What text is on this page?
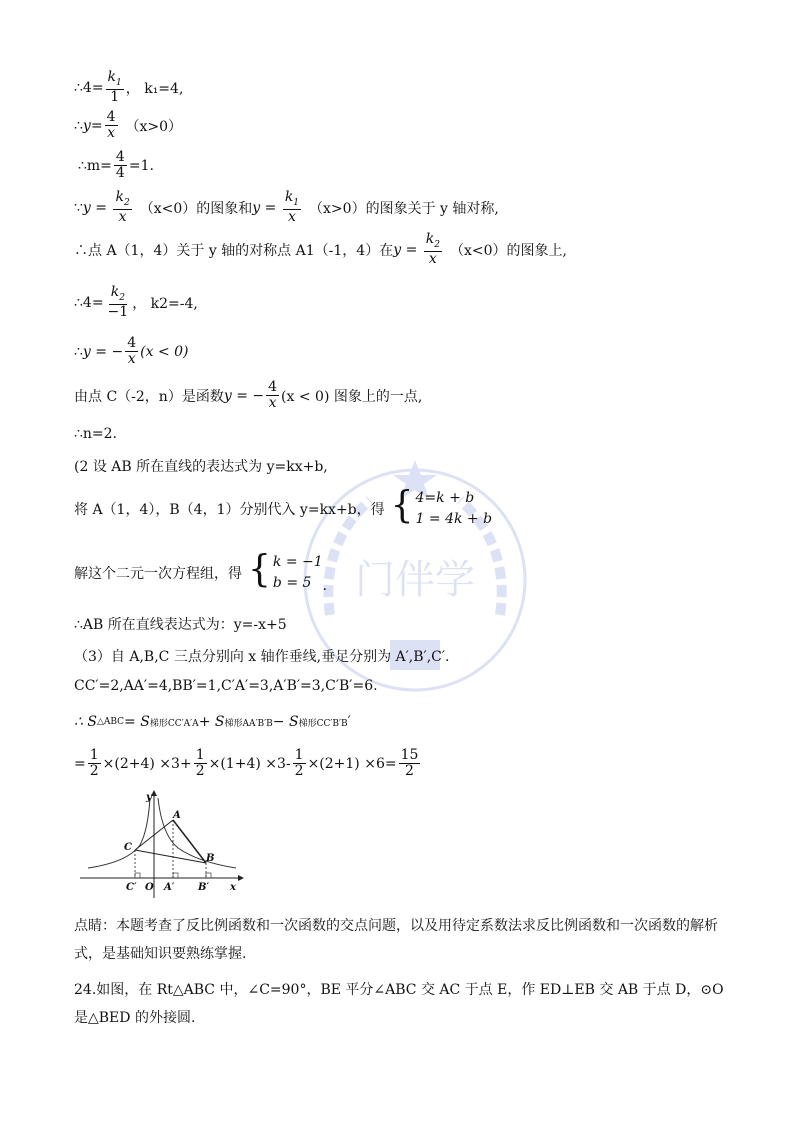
门伴学
∴4= $\frac{k_1}{1}$ ， k₁=4,
∴ $y = \frac{4}{x} (x>0)$
∴m= $\frac{4}{4} =1$.
∵ $y = \frac{k_2}{x} (x<0)$的图象和 $y = \frac{k_1}{x} (x>0)$的图象关于 y 轴对称,
∴点 A（1，4）关于 y 轴的对称点 A1（-1，4）在 $y = \frac{k_2}{x} (x<0)$的图象上,
∴4= $\frac{k_2}{-1}$ ， k2=-4,
∴ y = − $\frac{4}{x} (x < 0)$
由点 C（-2，n）是函数 y = − $\frac{4}{x} (x < 0)$ 图象上的一点,
∴n=2.
(2 设 AB 所在直线的表达式为 y=kx+b,
将 A（1，4），B（4，1）分别代入 y=kx+b，得 { 4=k + b
1 = 4k + b
解这个二元一次方程组，得 { k = −1
b = 5 .
∴AB 所在直线表达式为：y=-x+5
（3）自 A,B,C 三点分别向 x 轴作垂线,垂足分别为 A′,B′,C′.
CC′=2,AA′=4,BB′=1,C′A′=3,A′B′=3,C′B′=6.
∴ S △ABC = S 梯形CC′A′A + S 梯形AA′B′B − S 梯形CC′B′B ′
= $\frac{1}{2} \times(2+4) \times 3+ \frac{1}{2} \times(1+4) \times 3- \frac{1}{2} \times(2+1) \times 6= \frac{15}{2}$
y
x
A
B
C
C′ O A′ B′
点睛：本题考查了反比例函数和一次函数的交点问题，以及用待定系数法求反比例函数和一次函数的解析式，是基础知识要熟练掌握.
24.如图，在 Rt△ABC 中，∠C=90°，BE 平分∠ABC 交 AC 于点 E，作 ED⊥EB 交 AB 于点 D，⊙O 是△BED 的外接圆.
